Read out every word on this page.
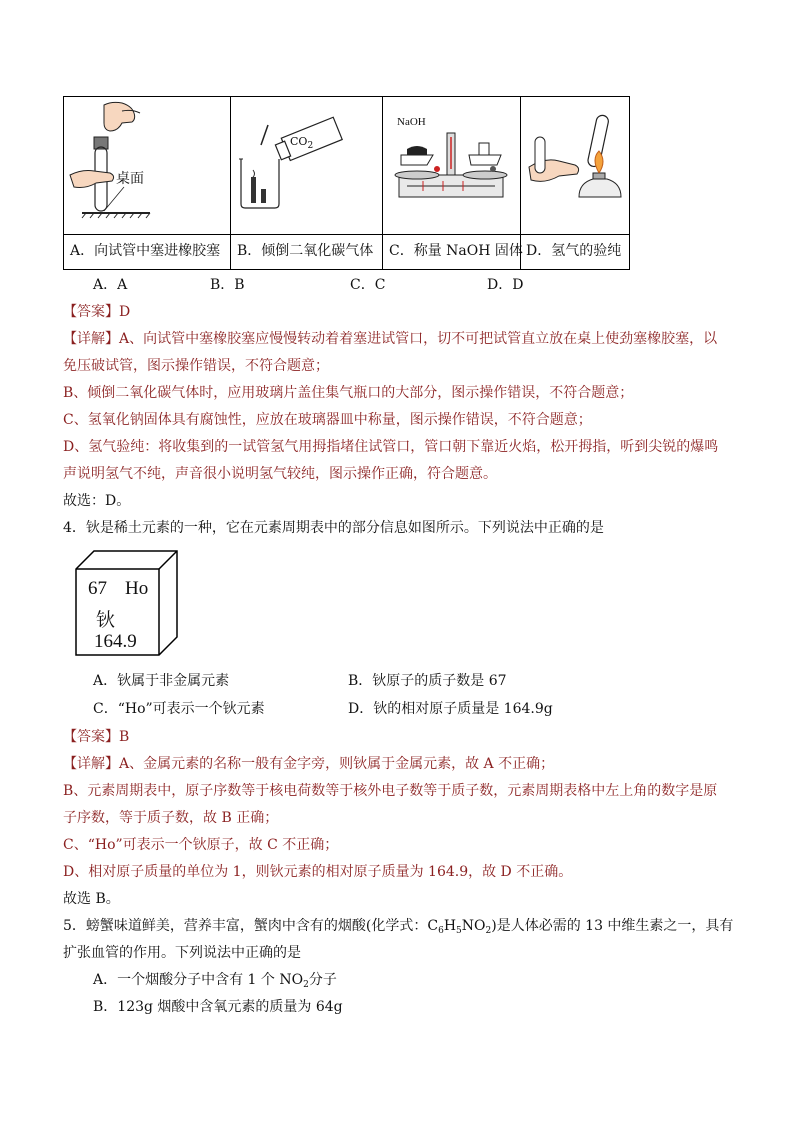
桌面
$CO_2$
NaOH
A．向试管中塞进橡胶塞 B．倾倒二氧化碳气体 C．称量 NaOH 固体 D．氢气的验纯
A．A	B．B	C．C	D．D
【答案】D
【详解】A、向试管中塞橡胶塞应慢慢转动着着塞进试管口，切不可把试管直立放在桌上使劲塞橡胶塞，以
免压破试管，图示操作错误，不符合题意；
B、倾倒二氧化碳气体时，应用玻璃片盖住集气瓶口的大部分，图示操作错误，不符合题意；
C、氢氧化钠固体具有腐蚀性，应放在玻璃器皿中称量，图示操作错误，不符合题意；
D、氢气验纯：将收集到的一试管氢气用拇指堵住试管口，管口朝下靠近火焰，松开拇指，听到尖锐的爆鸣
声说明氢气不纯，声音很小说明氢气较纯，图示操作正确，符合题意。
故选：D。
4．钬是稀土元素的一种，它在元素周期表中的部分信息如图所示。下列说法中正确的是
67 Ho
钬
164.9
A．钬属于非金属元素	B．钬原子的质子数是 67
C．“Ho”可表示一个钬元素	D．钬的相对原子质量是 164.9g
【答案】B
【详解】A、金属元素的名称一般有金字旁，则钬属于金属元素，故 A 不正确；
B、元素周期表中，原子序数等于核电荷数等于核外电子数等于质子数，元素周期表格中左上角的数字是原
子序数，等于质子数，故 B 正确；
C、“Ho”可表示一个钬原子，故 C 不正确；
D、相对原子质量的单位为 1，则钬元素的相对原子质量为 164.9，故 D 不正确。
故选 B。
5．螃蟹味道鲜美，营养丰富，蟹肉中含有的烟酸(化学式：$C_6H_5NO_2$)是人体必需的 13 中维生素之一，具有
扩张血管的作用。下列说法中正确的是
A．一个烟酸分子中含有 1 个 $NO_2$分子
B．123g 烟酸中含氧元素的质量为 64g
